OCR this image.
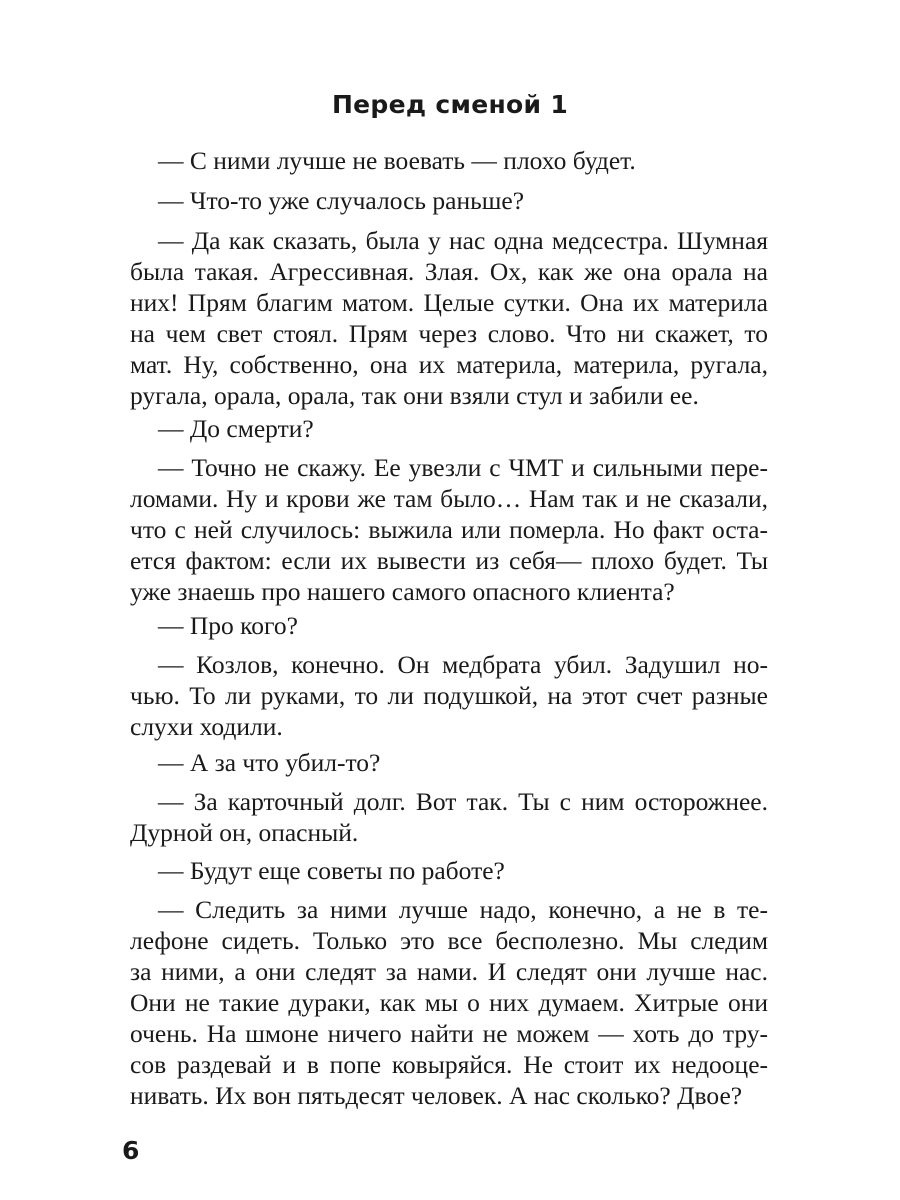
Перед сменой 1
— С ними лучше не воевать — плохо будет.
— Что-то уже случалось раньше?
— Да как сказать, была у нас одна медсестра. Шумная
была такая. Агрессивная. Злая. Ох, как же она орала на
них! Прям благим матом. Целые сутки. Она их материла
на чем свет стоял. Прям через слово. Что ни скажет, то
мат. Ну, собственно, она их материла, материла, ругала,
ругала, орала, орала, так они взяли стул и забили ее.
— До смерти?
— Точно не скажу. Ее увезли с ЧМТ и сильными пере-
ломами. Ну и крови же там было… Нам так и не сказали,
что с ней случилось: выжила или померла. Но факт оста-
ется фактом: если их вывести из себя— плохо будет. Ты
уже знаешь про нашего самого опасного клиента?
— Про кого?
— Козлов, конечно. Он медбрата убил. Задушил но-
чью. То ли руками, то ли подушкой, на этот счет разные
слухи ходили.
— А за что убил-то?
— За карточный долг. Вот так. Ты с ним осторожнее.
Дурной он, опасный.
— Будут еще советы по работе?
— Следить за ними лучше надо, конечно, а не в те-
лефоне сидеть. Только это все бесполезно. Мы следим
за ними, а они следят за нами. И следят они лучше нас.
Они не такие дураки, как мы о них думаем. Хитрые они
очень. На шмоне ничего найти не можем — хоть до тру-
сов раздевай и в попе ковыряйся. Не стоит их недооце-
нивать. Их вон пятьдесят человек. А нас сколько? Двое?
6
